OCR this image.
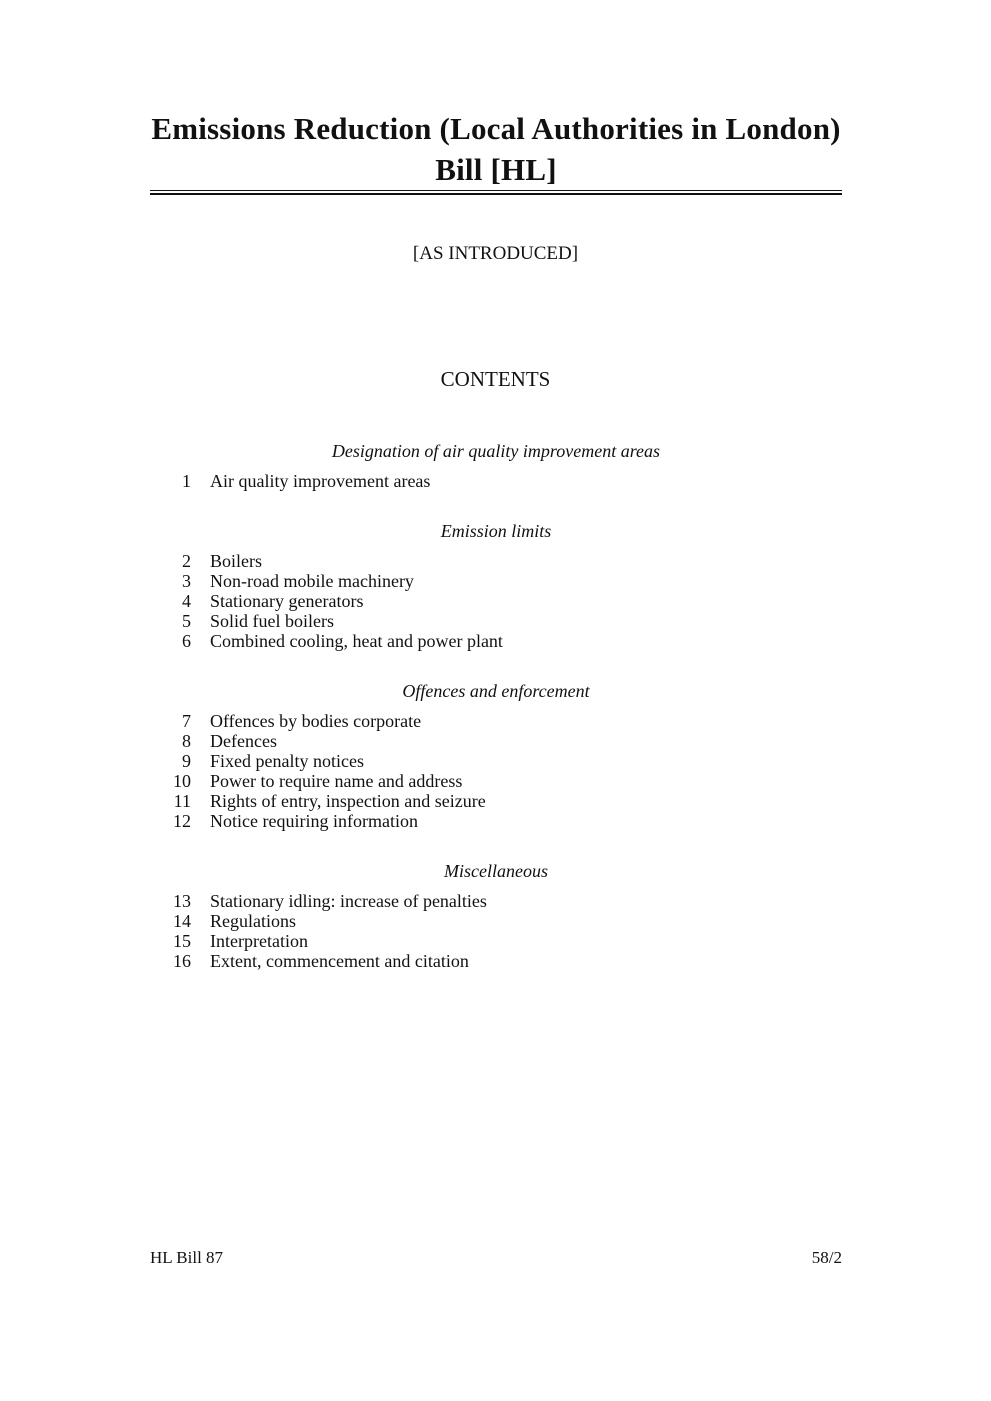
Emissions Reduction (Local Authorities in London)
Bill [HL]
[AS INTRODUCED]
CONTENTS
Designation of air quality improvement areas
1	Air quality improvement areas
Emission limits
2	Boilers
3	Non-road mobile machinery
4	Stationary generators
5	Solid fuel boilers
6	Combined cooling, heat and power plant
Offences and enforcement
7	Offences by bodies corporate
8	Defences
9	Fixed penalty notices
10	Power to require name and address
11	Rights of entry, inspection and seizure
12	Notice requiring information
Miscellaneous
13	Stationary idling: increase of penalties
14	Regulations
15	Interpretation
16	Extent, commencement and citation
HL Bill 87	58/2
